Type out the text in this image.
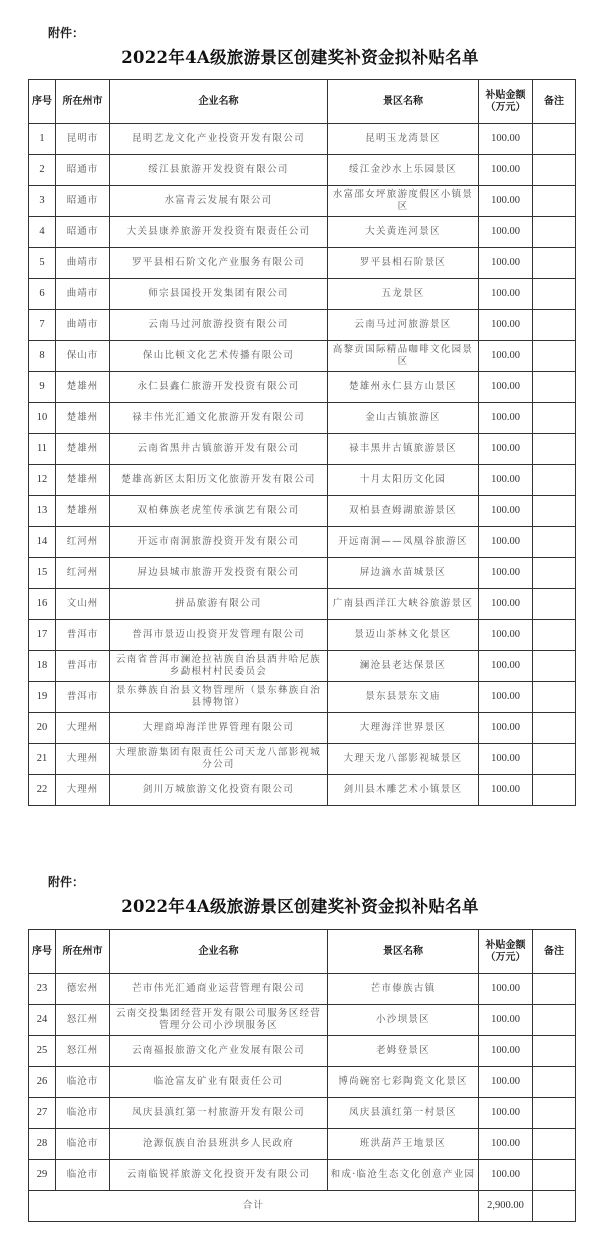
附件：
2022年4A级旅游景区创建奖补资金拟补贴名单
序号	所在州市	企业名称	景区名称	补贴金额（万元）	备注
1	昆明市	昆明艺龙文化产业投资开发有限公司	昆明玉龙湾景区	100.00	
2	昭通市	绥江县旅游开发投资有限公司	绥江金沙水上乐园景区	100.00	
3	昭通市	水富青云发展有限公司	水富邵女坪旅游度假区小镇景区	100.00	
4	昭通市	大关县康养旅游开发投资有限责任公司	大关黄连河景区	100.00	
5	曲靖市	罗平县相石阶文化产业服务有限公司	罗平县相石阶景区	100.00	
6	曲靖市	师宗县国投开发集团有限公司	五龙景区	100.00	
7	曲靖市	云南马过河旅游投资有限公司	云南马过河旅游景区	100.00	
8	保山市	保山比顿文化艺术传播有限公司	高黎贡国际精品咖啡文化园景区	100.00	
9	楚雄州	永仁县鑫仁旅游开发投资有限公司	楚雄州永仁县方山景区	100.00	
10	楚雄州	禄丰伟光汇通文化旅游开发有限公司	金山古镇旅游区	100.00	
11	楚雄州	云南省黑井古镇旅游开发有限公司	禄丰黑井古镇旅游景区	100.00	
12	楚雄州	楚雄高新区太阳历文化旅游开发有限公司	十月太阳历文化园	100.00	
13	楚雄州	双柏彝族老虎笙传承演艺有限公司	双柏县查姆湖旅游景区	100.00	
14	红河州	开远市南洞旅游投资开发有限公司	开远南洞——凤凰谷旅游区	100.00	
15	红河州	屏边县城市旅游开发投资有限公司	屏边滴水苗城景区	100.00	
16	文山州	拼品旅游有限公司	广南县西洋江大峡谷旅游景区	100.00	
17	普洱市	普洱市景迈山投资开发管理有限公司	景迈山茶林文化景区	100.00	
18	普洱市	云南省普洱市澜沧拉祜族自治县酒井哈尼族乡勐根村村民委员会	澜沧县老达保景区	100.00	
19	普洱市	景东彝族自治县文物管理所（景东彝族自治县博物馆）	景东县景东文庙	100.00	
20	大理州	大理商埠海洋世界管理有限公司	大理海洋世界景区	100.00	
21	大理州	大理旅游集团有限责任公司天龙八部影视城分公司	大理天龙八部影视城景区	100.00	
22	大理州	剑川万城旅游文化投资有限公司	剑川县木雕艺术小镇景区	100.00	
附件：
2022年4A级旅游景区创建奖补资金拟补贴名单
序号	所在州市	企业名称	景区名称	补贴金额（万元）	备注
23	德宏州	芒市伟光汇通商业运营管理有限公司	芒市傣族古镇	100.00	
24	怒江州	云南交投集团经营开发有限公司服务区经营管理分公司小沙坝服务区	小沙坝景区	100.00	
25	怒江州	云南福报旅游文化产业发展有限公司	老姆登景区	100.00	
26	临沧市	临沧富友矿业有限责任公司	博尚碗窑七彩陶瓷文化景区	100.00	
27	临沧市	凤庆县滇红第一村旅游开发有限公司	凤庆县滇红第一村景区	100.00	
28	临沧市	沧源佤族自治县班洪乡人民政府	班洪葫芦王地景区	100.00	
29	临沧市	云南临锐祥旅游文化投资开发有限公司	和成·临沧生态文化创意产业园	100.00	
合计				2,900.00	
